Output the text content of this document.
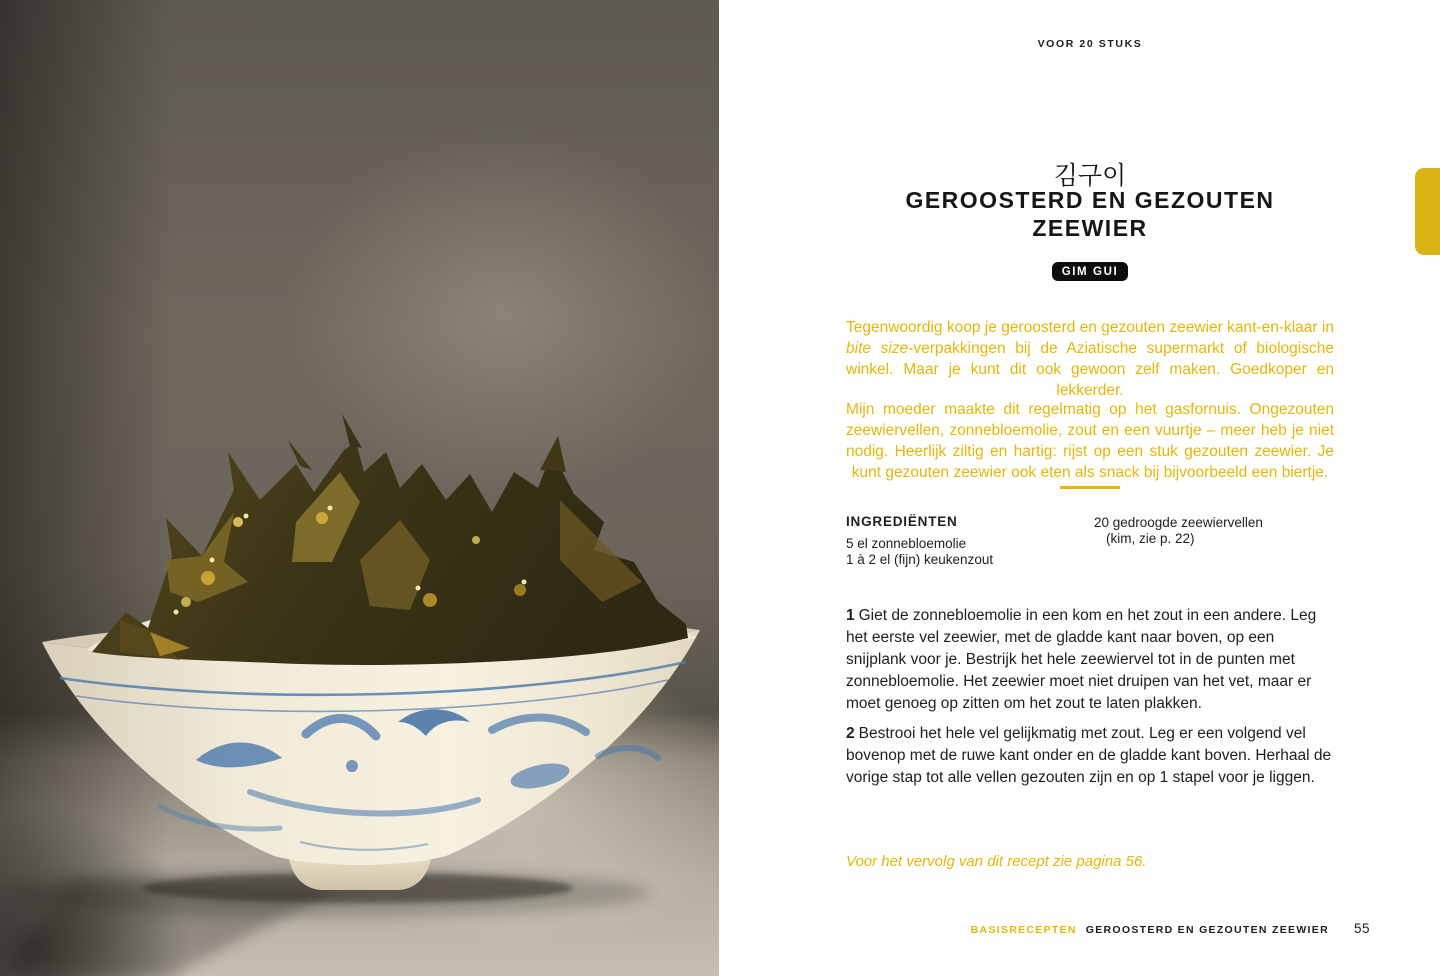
VOOR 20 STUKS
김구이
GEROOSTERD EN GEZOUTEN
ZEEWIER
GIM GUI

Tegenwoordig koop je geroosterd en gezouten zeewier kant-en-klaar in bite size-verpakkingen bij de Aziatische supermarkt of biologische winkel. Maar je kunt dit ook gewoon zelf maken. Goedkoper en lekkerder.

Mijn moeder maakte dit regelmatig op het gasfornuis. Ongezouten zeewiervellen, zonnebloemolie, zout en een vuurtje – meer heb je niet nodig. Heerlijk ziltig en hartig: rijst op een stuk gezouten zeewier. Je kunt gezouten zeewier ook eten als snack bij bijvoorbeeld een biertje.

INGREDIËNTEN
5 el zonnebloemolie
1 à 2 el (fijn) keukenzout
20 gedroogde zeewiervellen
(kim, zie p. 22)

1 Giet de zonnebloemolie in een kom en het zout in een andere. Leg het eerste vel zeewier, met de gladde kant naar boven, op een snijplank voor je. Bestrijk het hele zeewiervel tot in de punten met zonnebloemolie. Het zeewier moet niet druipen van het vet, maar er moet genoeg op zitten om het zout te laten plakken.

2 Bestrooi het hele vel gelijkmatig met zout. Leg er een volgend vel bovenop met de ruwe kant onder en de gladde kant boven. Herhaal de vorige stap tot alle vellen gezouten zijn en op 1 stapel voor je liggen.

Voor het vervolg van dit recept zie pagina 56.
BASISRECEPTEN GEROOSTERD EN GEZOUTEN ZEEWIER 55
